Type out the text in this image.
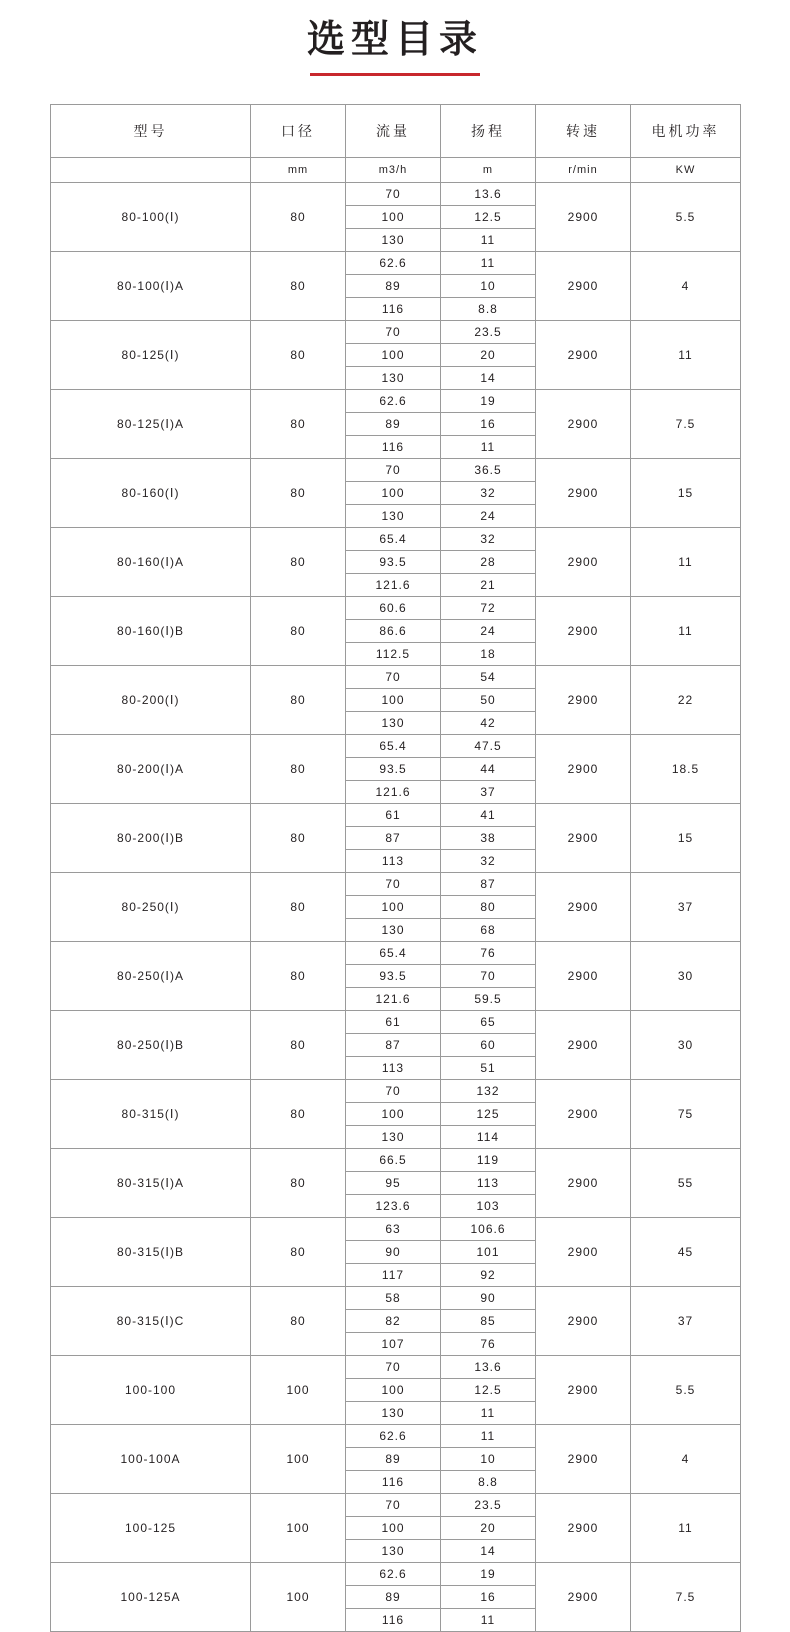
选型目录
型号	口径	流量	扬程	转速	电机功率
	mm	m3/h	m	r/min	KW
80-100(Ⅰ)	80	70	13.6	2900	5.5
		100	12.5		
		130	11		
80-100(Ⅰ)A	80	62.6	11	2900	4
		89	10		
		116	8.8		
80-125(Ⅰ)	80	70	23.5	2900	11
		100	20		
		130	14		
80-125(Ⅰ)A	80	62.6	19	2900	7.5
		89	16		
		116	11		
80-160(Ⅰ)	80	70	36.5	2900	15
		100	32		
		130	24		
80-160(Ⅰ)A	80	65.4	32	2900	11
		93.5	28		
		121.6	21		
80-160(Ⅰ)B	80	60.6	72	2900	11
		86.6	24		
		112.5	18		
80-200(Ⅰ)	80	70	54	2900	22
		100	50		
		130	42		
80-200(Ⅰ)A	80	65.4	47.5	2900	18.5
		93.5	44		
		121.6	37		
80-200(Ⅰ)B	80	61	41	2900	15
		87	38		
		113	32		
80-250(Ⅰ)	80	70	87	2900	37
		100	80		
		130	68		
80-250(Ⅰ)A	80	65.4	76	2900	30
		93.5	70		
		121.6	59.5		
80-250(Ⅰ)B	80	61	65	2900	30
		87	60		
		113	51		
80-315(Ⅰ)	80	70	132	2900	75
		100	125		
		130	114		
80-315(Ⅰ)A	80	66.5	119	2900	55
		95	113		
		123.6	103		
80-315(Ⅰ)B	80	63	106.6	2900	45
		90	101		
		117	92		
80-315(Ⅰ)C	80	58	90	2900	37
		82	85		
		107	76		
100-100	100	70	13.6	2900	5.5
		100	12.5		
		130	11		
100-100A	100	62.6	11	2900	4
		89	10		
		116	8.8		
100-125	100	70	23.5	2900	11
		100	20		
		130	14		
100-125A	100	62.6	19	2900	7.5
		89	16		
		116	11		
